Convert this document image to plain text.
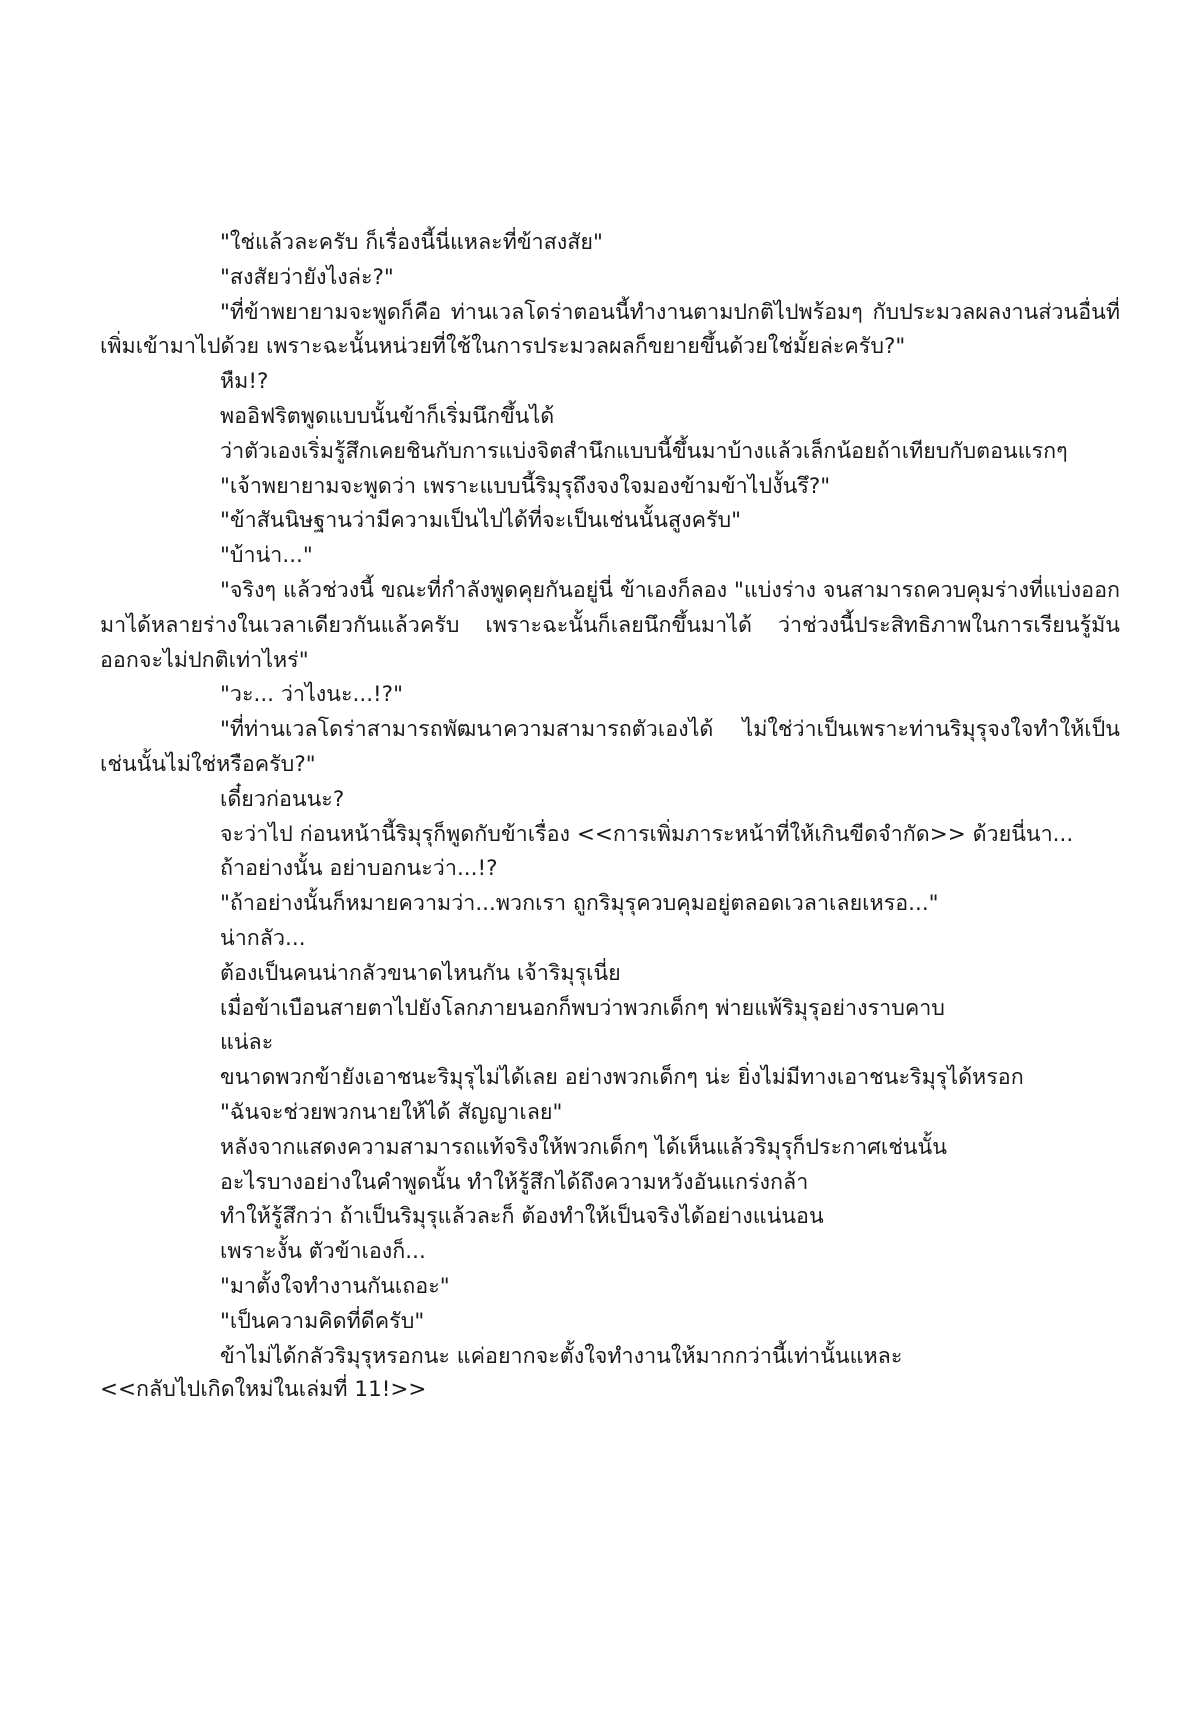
"ใช่แล้วละครับ ก็เรื่องนี้นี่แหละที่ข้าสงสัย"

"สงสัยว่ายังไงล่ะ?"

"ที่ข้าพยายามจะพูดก็คือ ท่านเวลโดร่าตอนนี้ทำงานตามปกติไปพร้อมๆ กับประมวลผลงานส่วนอื่นที่เพิ่มเข้ามาไปด้วย เพราะฉะนั้นหน่วยที่ใช้ในการประมวลผลก็ขยายขึ้นด้วยใช่มั้ยล่ะครับ?"

หืม!?

พออิฟริตพูดแบบนั้นข้าก็เริ่มนึกขึ้นได้

ว่าตัวเองเริ่มรู้สึกเคยชินกับการแบ่งจิตสำนึกแบบนี้ขึ้นมาบ้างแล้วเล็กน้อยถ้าเทียบกับตอนแรกๆ

"เจ้าพยายามจะพูดว่า เพราะแบบนี้ริมุรุถึงจงใจมองข้ามข้าไปงั้นรึ?"

"ข้าสันนิษฐานว่ามีความเป็นไปได้ที่จะเป็นเช่นนั้นสูงครับ"

"บ้าน่า..."

"จริงๆ แล้วช่วงนี้ ขณะที่กำลังพูดคุยกันอยู่นี่ ข้าเองก็ลอง "แบ่งร่าง จนสามารถควบคุมร่างที่แบ่งออกมาได้หลายร่างในเวลาเดียวกันแล้วครับ เพราะฉะนั้นก็เลยนึกขึ้นมาได้ ว่าช่วงนี้ประสิทธิภาพในการเรียนรู้มันออกจะไม่ปกติเท่าไหร่"

"วะ... ว่าไงนะ...!?"

"ที่ท่านเวลโดร่าสามารถพัฒนาความสามารถตัวเองได้ ไม่ใช่ว่าเป็นเพราะท่านริมุรุจงใจทำให้เป็นเช่นนั้นไม่ใช่หรือครับ?"

เดี๋ยวก่อนนะ?

จะว่าไป ก่อนหน้านี้ริมุรุก็พูดกับข้าเรื่อง <<การเพิ่มภาระหน้าที่ให้เกินขีดจำกัด>> ด้วยนี่นา...

ถ้าอย่างนั้น อย่าบอกนะว่า...!?

"ถ้าอย่างนั้นก็หมายความว่า...พวกเรา ถูกริมุรุควบคุมอยู่ตลอดเวลาเลยเหรอ..."

น่ากลัว...

ต้องเป็นคนน่ากลัวขนาดไหนกัน เจ้าริมุรุเนี่ย

เมื่อข้าเบือนสายตาไปยังโลกภายนอกก็พบว่าพวกเด็กๆ พ่ายแพ้ริมุรุอย่างราบคาบ

แน่ละ

ขนาดพวกข้ายังเอาชนะริมุรุไม่ได้เลย อย่างพวกเด็กๆ น่ะ ยิ่งไม่มีทางเอาชนะริมุรุได้หรอก

"ฉันจะช่วยพวกนายให้ได้ สัญญาเลย"

หลังจากแสดงความสามารถแท้จริงให้พวกเด็กๆ ได้เห็นแล้วริมุรุก็ประกาศเช่นนั้น

อะไรบางอย่างในคำพูดนั้น ทำให้รู้สึกได้ถึงความหวังอันแกร่งกล้า

ทำให้รู้สึกว่า ถ้าเป็นริมุรุแล้วละก็ ต้องทำให้เป็นจริงได้อย่างแน่นอน

เพราะงั้น ตัวข้าเองก็...

"มาตั้งใจทำงานกันเถอะ"

"เป็นความคิดที่ดีครับ"

ข้าไม่ได้กลัวริมุรุหรอกนะ แค่อยากจะตั้งใจทำงานให้มากกว่านี้เท่านั้นแหละ

<<กลับไปเกิดใหม่ในเล่มที่ 11!>>
